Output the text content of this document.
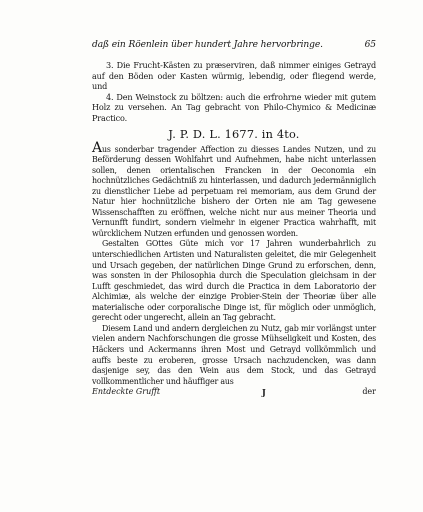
daß ein Röenlein über hundert Jahre hervorbringe.	65

3. Die Frucht-Kästen zu præserviren, daß nimmer einiges Getrayd auf den Böden oder Kasten würmig, lebendig, oder fliegend werde, und

4. Den Weinstock zu böltzen: auch die erfrohrne wieder mit gutem Holz zu versehen. An Tag gebracht von Philo-Chymico & Medicinæ Practico.

J. P. D. L. 1677. in 4to.

Aus sonderbar tragender Affection zu diesses Landes Nutzen, und zu Beförderung dessen Wohlfahrt und Aufnehmen, habe nicht unterlassen sollen, denen orientalischen Francken in der Oeconomia ein hochnützliches Gedächtniß zu hinterlassen, und dadurch jedermänniglich zu dienstlicher Liebe ad perpetuam rei memoriam, aus dem Grund der Natur hier hochnützliche bishero der Orten nie am Tag gewesene Wissenschafften zu eröffnen, welche nicht nur aus meiner Theoria und Vernunfft fundirt, sondern vielmehr in eigener Practica wahrhafft, mit würcklichem Nutzen erfunden und genossen worden.

Gestalten GOttes Güte mich vor 17 Jahren wunderbahrlich zu unterschiedlichen Artisten und Naturalisten geleitet, die mir Gelegenheit und Ursach gegeben, der natürlichen Dinge Grund zu erforschen, denn, was sonsten in der Philosophia durch die Speculation gleichsam in der Lufft geschmiedet, das wird durch die Practica in dem Laboratorio der Alchimiæ, als welche der einzige Probier-Stein der Theoriæ über alle materialische oder corporalische Dinge ist, für möglich oder unmöglich, gerecht oder ungerecht, allein an Tag gebracht.

Diesem Land und andern dergleichen zu Nutz, gab mir vorlängst unter vielen andern Nachforschungen die grosse Mühseligkeit und Kosten, des Häckers und Ackermanns ihren Most und Getrayd vollkömmlich und auffs beste zu eroberen, grosse Ursach nachzudencken, was dann dasjenige sey, das den Wein aus dem Stock, und das Getrayd vollkommentlicher und häuffiger aus

Entdeckte Grufft	J	der
